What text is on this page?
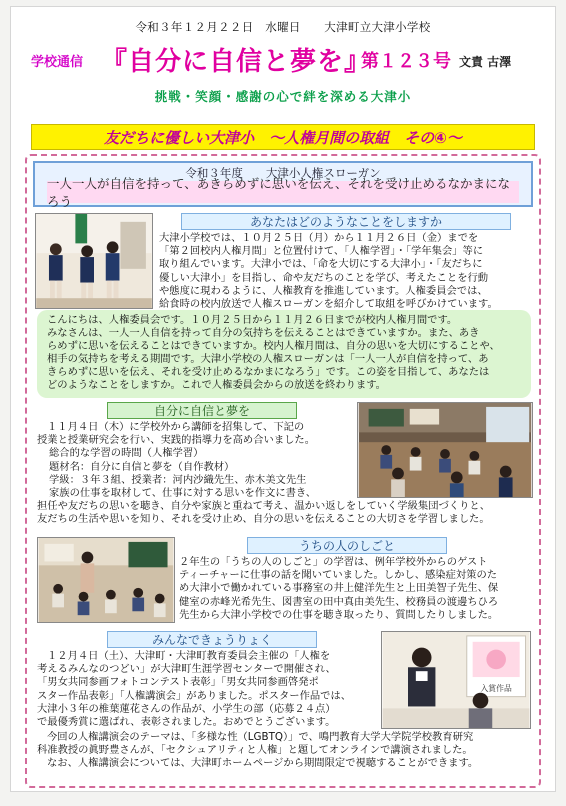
令和３年１２月２２日　水曜日　　大津町立大津小学校
学校通信 『自分に自信と夢を』
第１２３号 文責 古澤
挑戦・笑顔・感謝の心で絆を深める大津小
友だちに優しい大津小　〜人権月間の取組　その④〜
令和３年度　　大津小人権スローガン
一人一人が自信を持って、あきらめずに思いを伝え、それを受け止めるなかまになろう
あなたはどのようなことをしますか
大津小学校では、１０月２５日（月）から１１月２６日（金）までを
「第２回校内人権月間」と位置付けて、「人権学習」・「学年集会」等に
取り組んでいます。大津小では、「命を大切にする大津小」・「友だちに
優しい大津小」を目指し、命や友だちのことを学び、考えたことを行動
や態度に現わるように、人権教育を推進しています。人権委員会では、
給食時の校内放送で人権スローガンを紹介して取組を呼びかけています。

こんにちは、人権委員会です。１０月２５日から１１月２６日までが校内人権月間です。

みなさんは、一人一人自信を持って自分の気持ちを伝えることはできていますか。また、あき

らめずに思いを伝えることはできていますか。校内人権月間は、自分の思いを大切にすることや、

相手の気持ちを考える期間です。大津小学校の人権スローガンは「一人一人が自信を持って、あ

きらめずに思いを伝え、それを受け止めるなかまになろう」です。この姿を目指して、あなたは

どのようなことをしますか。これで人権委員会からの放送を終わります。

自分に自信と夢を
１１月４日（木）に学校外から講師を招集して、下記の
授業と授業研究会を行い、実践的指導力を高め合いました。
総合的な学習の時間（人権学習）
題材名：自分に自信と夢を（自作教材）
学級：３年３組、授業者：河内沙織先生、赤木美文先生
家族の仕事を取材して、仕事に対する思いを作文に書き、
担任や友だちの思いを聴き、自分や家族と重ねて考え、温かい返しをしていく学級集団づくりと、
友だちの生活や思いを知り、それを受け止め、自分の思いを伝えることの大切さを学習しました。
うちの人のしごと
２年生の「うちの人のしごと」の学習は、例年学校外からのゲスト
ティーチャーに仕事の話を聞いていました。しかし、感染症対策のた
め大津小で働かれている事務室の井上健洋先生と上田美智子先生、保
健室の赤峰光希先生、図書室の田中真由美先生、校務員の渡邊ちひろ
先生から大津小学校での仕事を聴き取ったり、質問したりしました。
みんなできょうりょく
入賞作品
１２月４日（土）、大津町・大津町教育委員会主催の「人権を
考えるみんなのつどい」が大津町生涯学習センターで開催され、
「男女共同参画フォトコンテスト表彰」「男女共同参画啓発ポ
スター作品表彰」「人権講演会」がありました。ポスター作品では、
大津小３年の椎葉蓮花さんの作品が、小学生の部（応募２４点）
で最優秀賞に選ばれ、表彰されました。おめでとうございます。
今回の人権講演会のテーマは、「多様な性（LGBTQ）」で、鳴門教育大学大学院学校教育研究
科准教授の眞野豊さんが、「セクシュアリティと人権」と題してオンラインで講演されました。
なお、人権講演会については、大津町ホームページから期間限定で視聴することができます。
